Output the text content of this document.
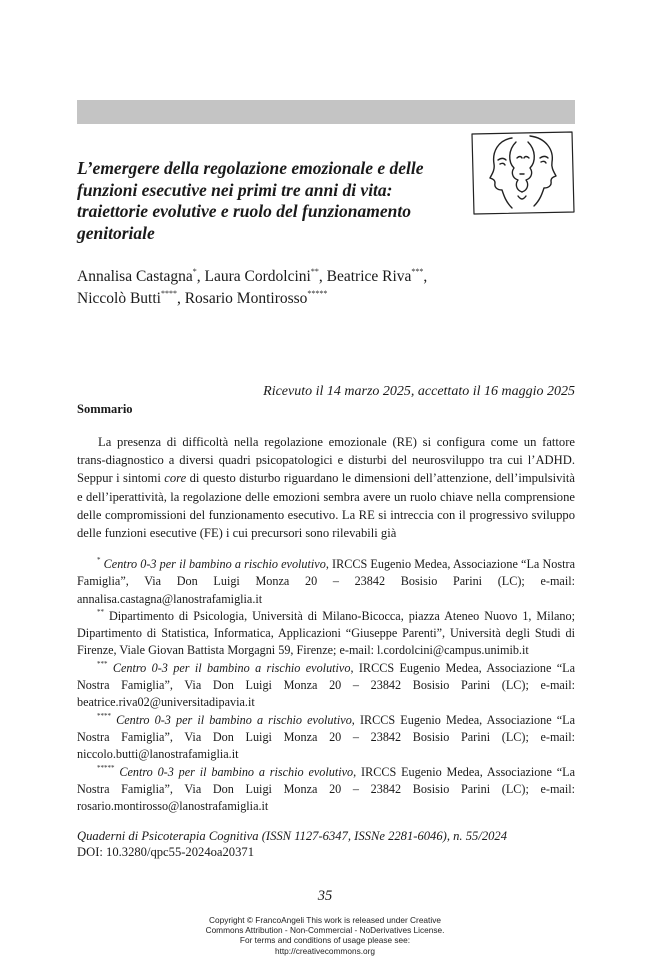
L’emergere della regolazione emozionale e delle funzioni esecutive nei primi tre anni di vita: traiettorie evolutive e ruolo del funzionamento genitoriale
Annalisa Castagna*, Laura Cordolcini**, Beatrice Riva***,
Niccolò Butti****, Rosario Montirosso*****
Ricevuto il 14 marzo 2025, accettato il 16 maggio 2025
Sommario

La presenza di difficoltà nella regolazione emozionale (RE) si configura come un fattore trans-diagnostico a diversi quadri psicopatologici e disturbi del neurosviluppo tra cui l’ADHD. Seppur i sintomi core di questo disturbo riguardano le dimensioni dell’attenzione, dell’impulsività e dell’iperattività, la regolazione delle emozioni sembra avere un ruolo chiave nella comprensione delle compromissioni del funzionamento esecutivo. La RE si intreccia con il progressivo sviluppo delle funzioni esecutive (FE) i cui precursori sono rilevabili già

* Centro 0-3 per il bambino a rischio evolutivo, IRCCS Eugenio Medea, Associazione “La Nostra Famiglia”, Via Don Luigi Monza 20 – 23842 Bosisio Parini (LC); e-mail: annalisa.castagna@lanostrafamiglia.it

** Dipartimento di Psicologia, Università di Milano-Bicocca, piazza Ateneo Nuovo 1, Milano; Dipartimento di Statistica, Informatica, Applicazioni “Giuseppe Parenti”, Università degli Studi di Firenze, Viale Giovan Battista Morgagni 59, Firenze; e-mail: l.cordolcini@campus.unimib.it

*** Centro 0-3 per il bambino a rischio evolutivo, IRCCS Eugenio Medea, Associazione “La Nostra Famiglia”, Via Don Luigi Monza 20 – 23842 Bosisio Parini (LC); e-mail: beatrice.riva02@universitadipavia.it

**** Centro 0-3 per il bambino a rischio evolutivo, IRCCS Eugenio Medea, Associazione “La Nostra Famiglia”, Via Don Luigi Monza 20 – 23842 Bosisio Parini (LC); e-mail: niccolo.butti@lanostrafamiglia.it

***** Centro 0-3 per il bambino a rischio evolutivo, IRCCS Eugenio Medea, Associazione “La Nostra Famiglia”, Via Don Luigi Monza 20 – 23842 Bosisio Parini (LC); e-mail: rosario.montirosso@lanostrafamiglia.it

Quaderni di Psicoterapia Cognitiva (ISSN 1127-6347, ISSNe 2281-6046), n. 55/2024
DOI: 10.3280/qpc55-2024oa20371
35
Copyright © FrancoAngeli This work is released under Creative
Commons Attribution - Non-Commercial - NoDerivatives License.
For terms and conditions of usage please see:
http://creativecommons.org
